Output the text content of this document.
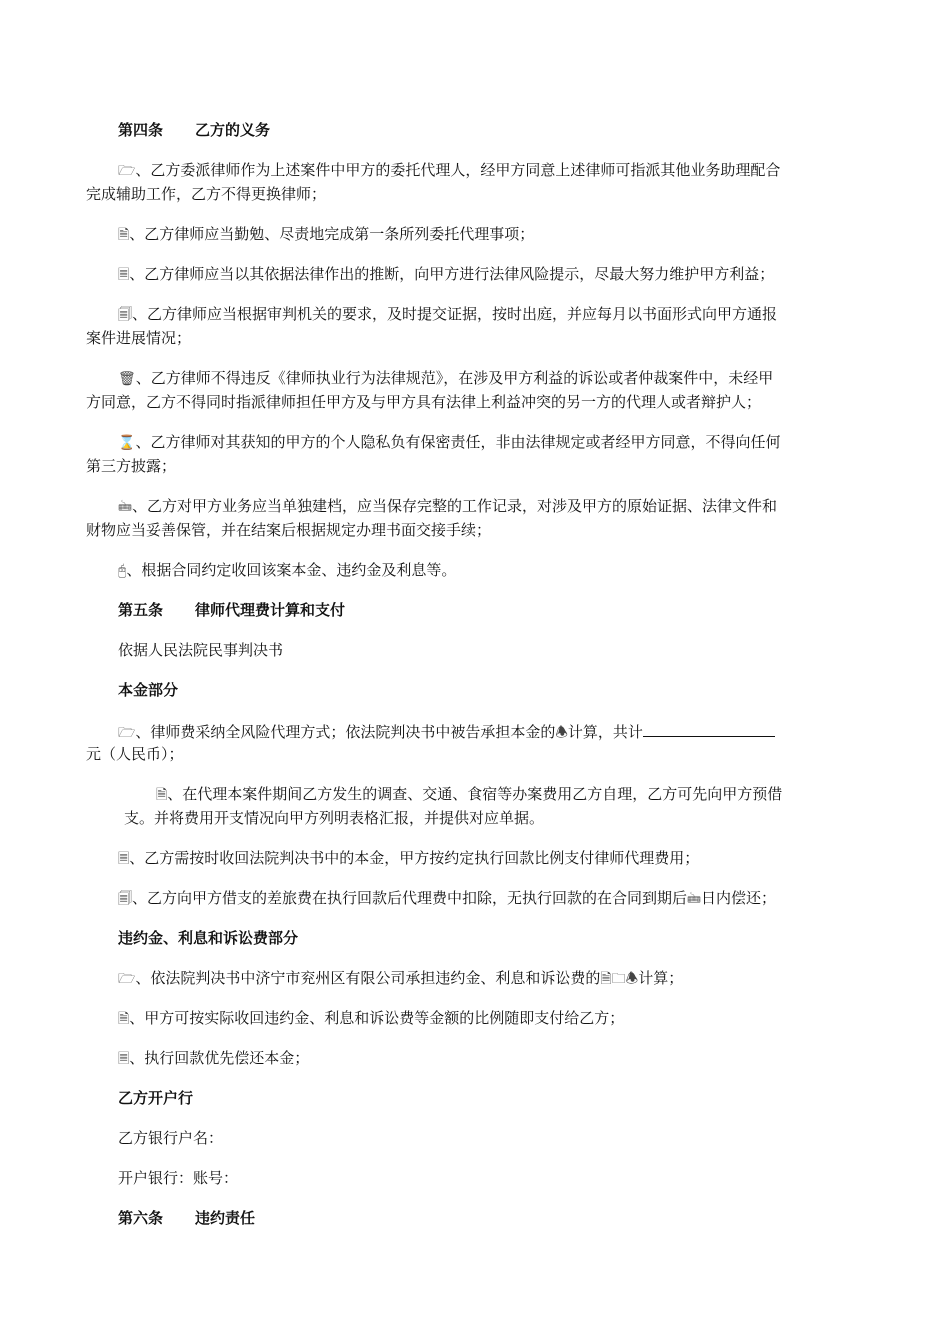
第四条 乙方的义务
🗁、乙方委派律师作为上述案件中甲方的委托代理人，经甲方同意上述律师可指派其他业务助理配合
完成辅助工作，乙方不得更换律师；
🗎、乙方律师应当勤勉、尽责地完成第一条所列委托代理事项；
🗏、乙方律师应当以其依据法律作出的推断，向甲方进行法律风险提示，尽最大努力维护甲方利益；
🗐、乙方律师应当根据审判机关的要求，及时提交证据，按时出庭，并应每月以书面形式向甲方通报
案件进展情况；
🗑、乙方律师不得违反《律师执业行为法律规范》，在涉及甲方利益的诉讼或者仲裁案件中，未经甲
方同意，乙方不得同时指派律师担任甲方及与甲方具有法律上利益冲突的另一方的代理人或者辩护人；
⌛、乙方律师对其获知的甲方的个人隐私负有保密责任，非由法律规定或者经甲方同意，不得向任何
第三方披露；
🖮、乙方对甲方业务应当单独建档，应当保存完整的工作记录，对涉及甲方的原始证据、法律文件和
财物应当妥善保管，并在结案后根据规定办理书面交接手续；
🖰、根据合同约定收回该案本金、违约金及利息等。
第五条 律师代理费计算和支付
依据人民法院民事判决书
本金部分
🗁、律师费采纳全风险代理方式；依法院判决书中被告承担本金的🕭计算，共计
元（人民币）；
🗎、在代理本案件期间乙方发生的调查、交通、食宿等办案费用乙方自理，乙方可先向甲方预借
支。并将费用开支情况向甲方列明表格汇报，并提供对应单据。
🗏、乙方需按时收回法院判决书中的本金，甲方按约定执行回款比例支付律师代理费用；
🗐、乙方向甲方借支的差旅费在执行回款后代理费中扣除，无执行回款的在合同到期后🖮日内偿还；
违约金、利息和诉讼费部分
🗁、依法院判决书中济宁市兖州区有限公司承担违约金、利息和诉讼费的🗎🗀🕭计算；
🗎、甲方可按实际收回违约金、利息和诉讼费等金额的比例随即支付给乙方；
🗏、执行回款优先偿还本金；
乙方开户行
乙方银行户名：
开户银行：账号：
第六条 违约责任
